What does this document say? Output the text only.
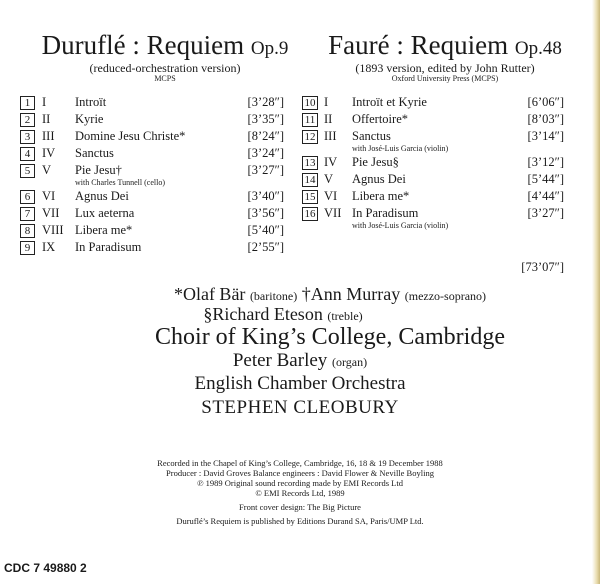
Duruflé : Requiem Op.9
(reduced-orchestration version)
MCPS
Fauré : Requiem Op.48
(1893 version, edited by John Rutter)
Oxford University Press (MCPS)
1 I Introït	[3’28″]
2 II Kyrie	[3’35″]
3 III Domine Jesu Christe*	[8’24″]
4 IV Sanctus	[3’24″]
5 V Pie Jesu†	[3’27″]
with Charles Tunnell (cello)
6 VI Agnus Dei	[3’40″]
7 VII Lux aeterna	[3’56″]
8 VIII Libera me*	[5’40″]
9 IX In Paradisum	[2’55″]
10 I Introït et Kyrie	[6’06″]
11 II Offertoire*	[8’03″]
12 III Sanctus	[3’14″]
with José-Luis Garcia (violin)
13 IV Pie Jesu§	[3’12″]
14 V Agnus Dei	[5’44″]
15 VI Libera me*	[4’44″]
16 VII In Paradisum	[3’27″]
with José-Luis Garcia (violin)
[73’07″]
*Olaf Bär (baritone) †Ann Murray (mezzo-soprano)
§Richard Eteson (treble)
Choir of King’s College, Cambridge
Peter Barley (organ)
English Chamber Orchestra
STEPHEN CLEOBURY
Recorded in the Chapel of King’s College, Cambridge, 16, 18 & 19 December 1988
Producer : David Groves Balance engineers : David Flower & Neville Boyling
℗ 1989 Original sound recording made by EMI Records Ltd
© EMI Records Ltd, 1989
Front cover design: The Big Picture
Duruflé’s Requiem is published by Editions Durand SA, Paris/UMP Ltd.
CDC 7 49880 2
